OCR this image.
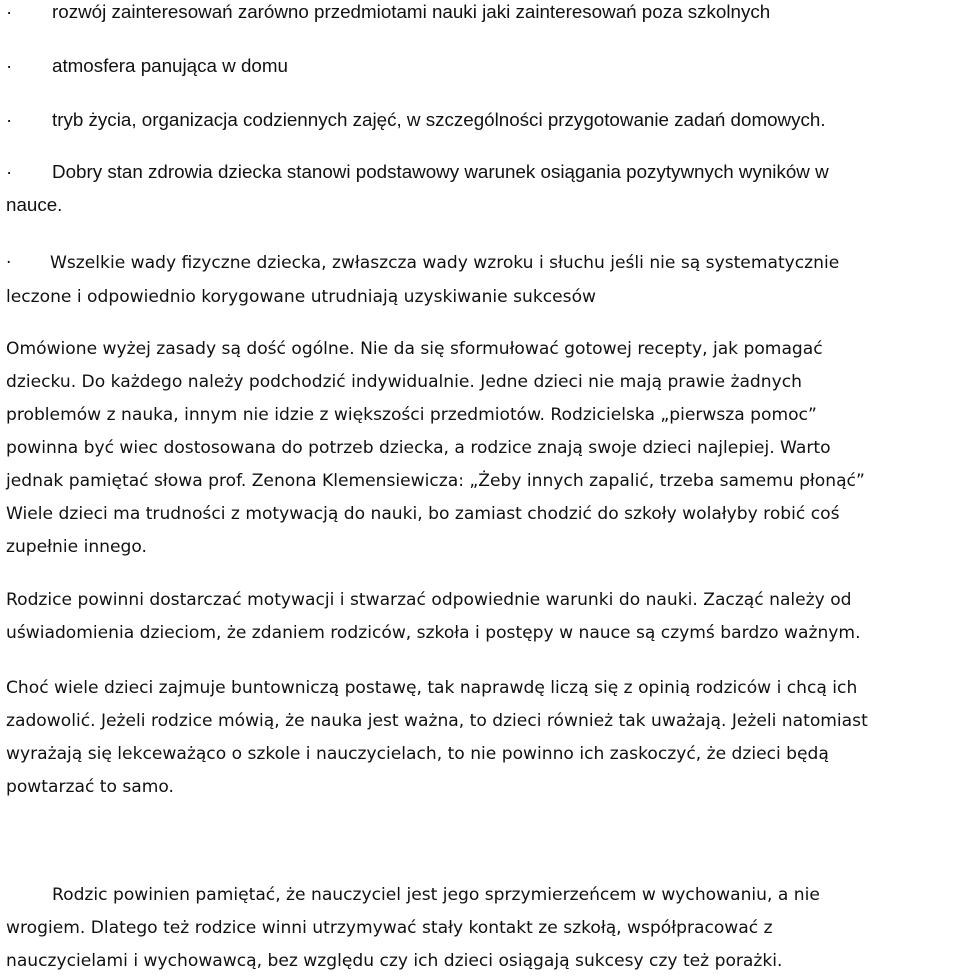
· rozwój zainteresowań zarówno przedmiotami nauki jaki zainteresowań poza szkolnych
· atmosfera panująca w domu
· tryb życia, organizacja codziennych zajęć, w szczególności przygotowanie zadań domowych.
· Dobry stan zdrowia dziecka stanowi podstawowy warunek osiągania pozytywnych wyników w
nauce.
· Wszelkie wady fizyczne dziecka, zwłaszcza wady wzroku i słuchu jeśli nie są systematycznie
leczone i odpowiednio korygowane utrudniają uzyskiwanie sukcesów
Omówione wyżej zasady są dość ogólne. Nie da się sformułować gotowej recepty, jak pomagać
dziecku. Do każdego należy podchodzić indywidualnie. Jedne dzieci nie mają prawie żadnych
problemów z nauka, innym nie idzie z większości przedmiotów. Rodzicielska „pierwsza pomoc”
powinna być wiec dostosowana do potrzeb dziecka, a rodzice znają swoje dzieci najlepiej. Warto
jednak pamiętać słowa prof. Zenona Klemensiewicza: „Żeby innych zapalić, trzeba samemu płonąć”
Wiele dzieci ma trudności z motywacją do nauki, bo zamiast chodzić do szkoły wolałyby robić coś
zupełnie innego.
Rodzice powinni dostarczać motywacji i stwarzać odpowiednie warunki do nauki. Zacząć należy od
uświadomienia dzieciom, że zdaniem rodziców, szkoła i postępy w nauce są czymś bardzo ważnym.
Choć wiele dzieci zajmuje buntowniczą postawę, tak naprawdę liczą się z opinią rodziców i chcą ich
zadowolić. Jeżeli rodzice mówią, że nauka jest ważna, to dzieci również tak uważają. Jeżeli natomiast
wyrażają się lekceważąco o szkole i nauczycielach, to nie powinno ich zaskoczyć, że dzieci będą
powtarzać to samo.
Rodzic powinien pamiętać, że nauczyciel jest jego sprzymierzeńcem w wychowaniu, a nie
wrogiem. Dlatego też rodzice winni utrzymywać stały kontakt ze szkołą, współpracować z
nauczycielami i wychowawcą, bez względu czy ich dzieci osiągają sukcesy czy też porażki.
